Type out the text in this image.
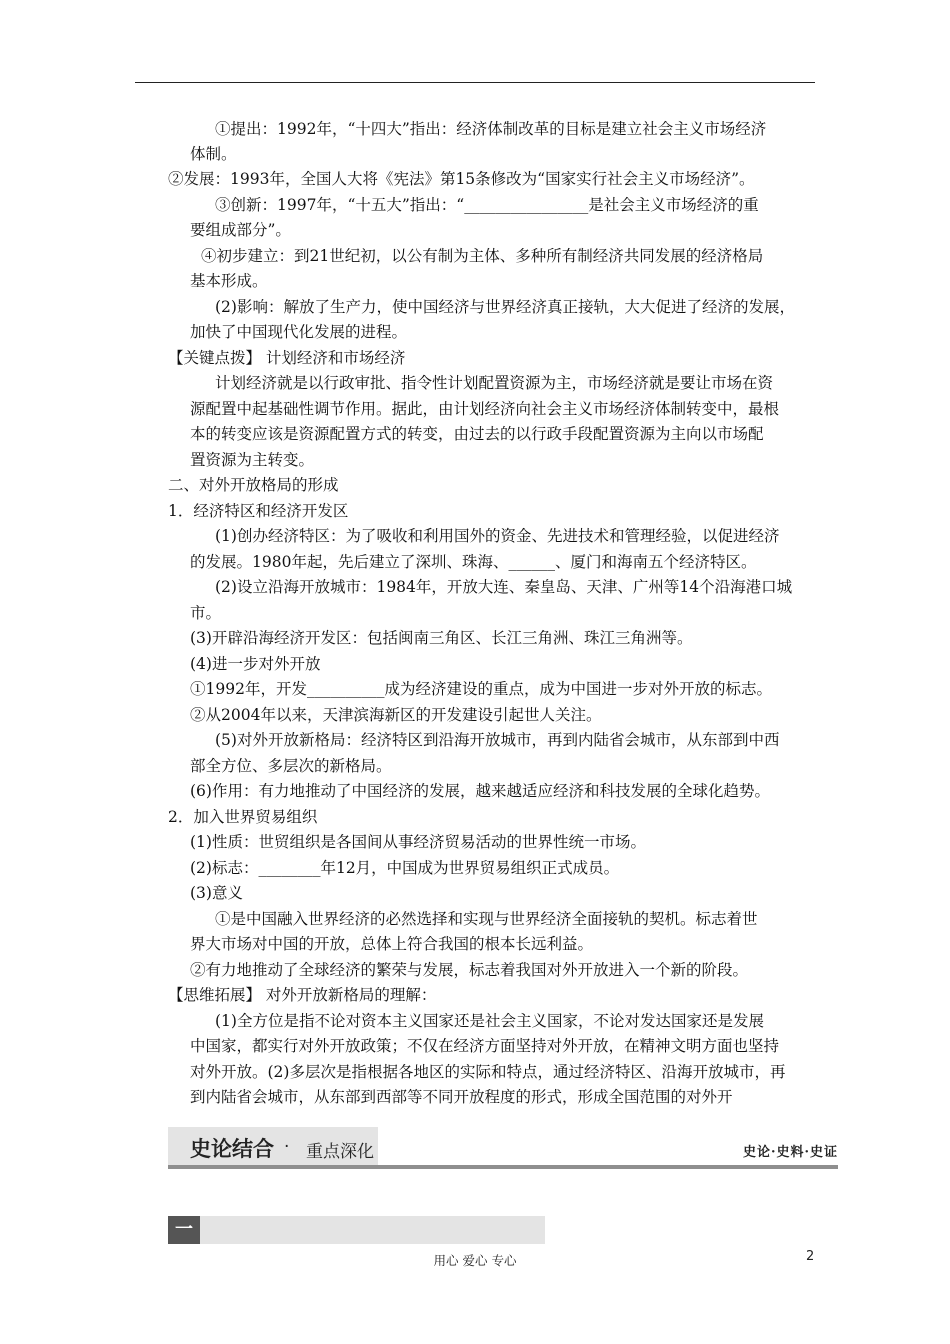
①提出：1992年，“十四大”指出：经济体制改革的目标是建立社会主义市场经济
体制。
②发展：1993年，全国人大将《宪法》第15条修改为“国家实行社会主义市场经济”。
③创新：1997年，“十五大”指出：“________________是社会主义市场经济的重
要组成部分”。
④初步建立：到21世纪初，以公有制为主体、多种所有制经济共同发展的经济格局
基本形成。
(2)影响：解放了生产力，使中国经济与世界经济真正接轨，大大促进了经济的发展，
加快了中国现代化发展的进程。
【关键点拨】 计划经济和市场经济
计划经济就是以行政审批、指令性计划配置资源为主，市场经济就是要让市场在资
源配置中起基础性调节作用。据此，由计划经济向社会主义市场经济体制转变中，最根
本的转变应该是资源配置方式的转变，由过去的以行政手段配置资源为主向以市场配
置资源为主转变。
二、对外开放格局的形成
1．经济特区和经济开发区
(1)创办经济特区：为了吸收和利用国外的资金、先进技术和管理经验，以促进经济
的发展。1980年起，先后建立了深圳、珠海、______、厦门和海南五个经济特区。
(2)设立沿海开放城市：1984年，开放大连、秦皇岛、天津、广州等14个沿海港口城
市。
(3)开辟沿海经济开发区：包括闽南三角区、长江三角洲、珠江三角洲等。
(4)进一步对外开放
①1992年，开发__________成为经济建设的重点，成为中国进一步对外开放的标志。
②从2004年以来，天津滨海新区的开发建设引起世人关注。
(5)对外开放新格局：经济特区到沿海开放城市，再到内陆省会城市，从东部到中西
部全方位、多层次的新格局。
(6)作用：有力地推动了中国经济的发展，越来越适应经济和科技发展的全球化趋势。
2．加入世界贸易组织
(1)性质：世贸组织是各国间从事经济贸易活动的世界性统一市场。
(2)标志：________年12月，中国成为世界贸易组织正式成员。
(3)意义
①是中国融入世界经济的必然选择和实现与世界经济全面接轨的契机。标志着世
界大市场对中国的开放，总体上符合我国的根本长远利益。
②有力地推动了全球经济的繁荣与发展，标志着我国对外开放进入一个新的阶段。
【思维拓展】 对外开放新格局的理解：
(1)全方位是指不论对资本主义国家还是社会主义国家，不论对发达国家还是发展
中国家，都实行对外开放政策；不仅在经济方面坚持对外开放，在精神文明方面也坚持
对外开放。(2)多层次是指根据各地区的实际和特点，通过经济特区、沿海开放城市，再
到内陆省会城市，从东部到西部等不同开放程度的形式，形成全国范围的对外开
史论结合 · 重点深化	史论·史料·史证
一
用心 爱心 专心	2
